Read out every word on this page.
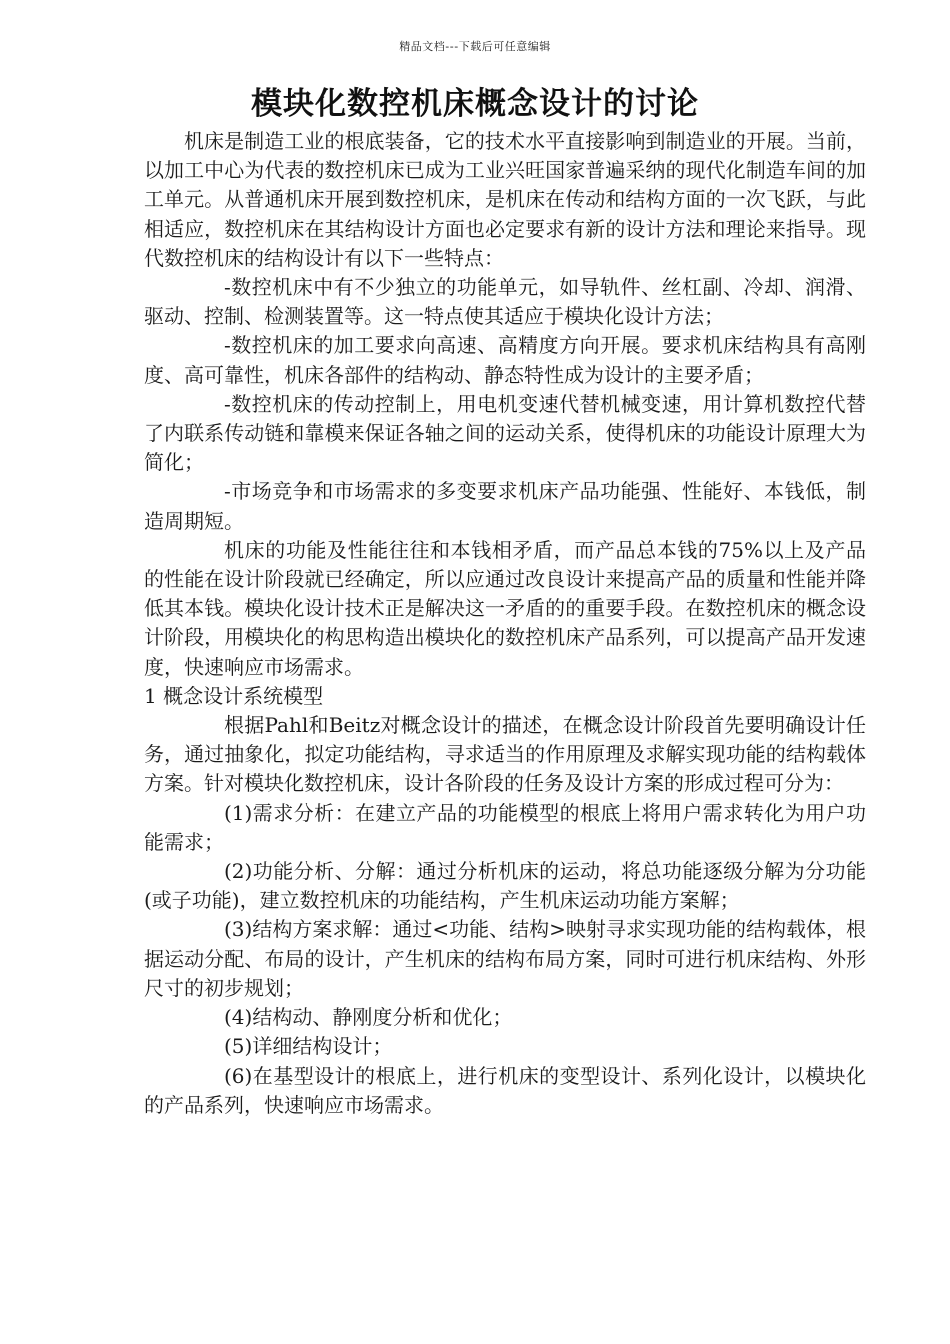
精品文档---下载后可任意编辑
模块化数控机床概念设计的讨论

机床是制造工业的根底装备，它的技术水平直接影响到制造业的开展。当前，以加工中心为代表的数控机床已成为工业兴旺国家普遍采纳的现代化制造车间的加工单元。从普通机床开展到数控机床，是机床在传动和结构方面的一次飞跃，与此相适应，数控机床在其结构设计方面也必定要求有新的设计方法和理论来指导。现代数控机床的结构设计有以下一些特点：

-数控机床中有不少独立的功能单元，如导轨件、丝杠副、冷却、润滑、驱动、控制、检测装置等。这一特点使其适应于模块化设计方法；

-数控机床的加工要求向高速、高精度方向开展。要求机床结构具有高刚度、高可靠性，机床各部件的结构动、静态特性成为设计的主要矛盾；

-数控机床的传动控制上，用电机变速代替机械变速，用计算机数控代替了内联系传动链和靠模来保证各轴之间的运动关系，使得机床的功能设计原理大为简化；

-市场竞争和市场需求的多变要求机床产品功能强、性能好、本钱低，制造周期短。

机床的功能及性能往往和本钱相矛盾，而产品总本钱的75%以上及产品的性能在设计阶段就已经确定，所以应通过改良设计来提高产品的质量和性能并降低其本钱。模块化设计技术正是解决这一矛盾的的重要手段。在数控机床的概念设计阶段，用模块化的构思构造出模块化的数控机床产品系列，可以提高产品开发速度，快速响应市场需求。

1 概念设计系统模型

根据Pahl和Beitz对概念设计的描述，在概念设计阶段首先要明确设计任务，通过抽象化，拟定功能结构，寻求适当的作用原理及求解实现功能的结构载体方案。针对模块化数控机床，设计各阶段的任务及设计方案的形成过程可分为：

(1)需求分析：在建立产品的功能模型的根底上将用户需求转化为用户功能需求；

(2)功能分析、分解：通过分析机床的运动，将总功能逐级分解为分功能(或子功能)，建立数控机床的功能结构，产生机床运动功能方案解；

(3)结构方案求解：通过<功能、结构>映射寻求实现功能的结构载体，根据运动分配、布局的设计，产生机床的结构布局方案，同时可进行机床结构、外形尺寸的初步规划；

(4)结构动、静刚度分析和优化；

(5)详细结构设计；

(6)在基型设计的根底上，进行机床的变型设计、系列化设计，以模块化的产品系列，快速响应市场需求。
